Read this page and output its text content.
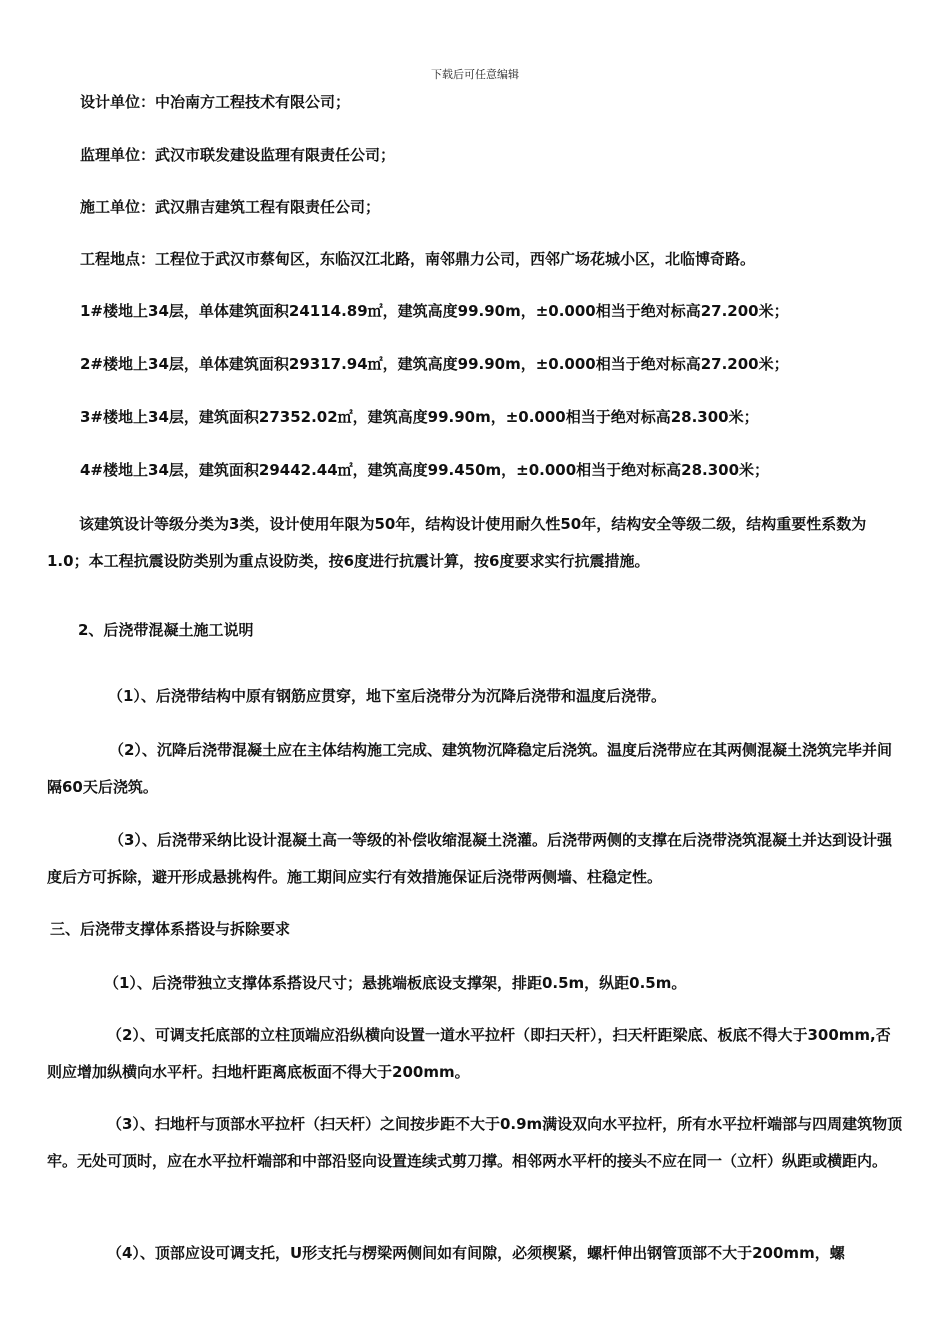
下载后可任意编辑
设计单位：中冶南方工程技术有限公司；
监理单位：武汉市联发建设监理有限责任公司；
施工单位：武汉鼎吉建筑工程有限责任公司；
工程地点：工程位于武汉市蔡甸区，东临汉江北路，南邻鼎力公司，西邻广场花城小区，北临博奇路。
1#楼地上34层，单体建筑面积24114.89㎡，建筑高度99.90m，±0.000相当于绝对标高27.200米；
2#楼地上34层，单体建筑面积29317.94㎡，建筑高度99.90m，±0.000相当于绝对标高27.200米；
3#楼地上34层，建筑面积27352.02㎡，建筑高度99.90m，±0.000相当于绝对标高28.300米；
4#楼地上34层，建筑面积29442.44㎡，建筑高度99.450m，±0.000相当于绝对标高28.300米；
该建筑设计等级分类为3类，设计使用年限为50年，结构设计使用耐久性50年，结构安全等级二级，结构重要性系数为1.0；本工程抗震设防类别为重点设防类，按6度进行抗震计算，按6度要求实行抗震措施。
2、后浇带混凝土施工说明
（1）、后浇带结构中原有钢筋应贯穿，地下室后浇带分为沉降后浇带和温度后浇带。
（2）、沉降后浇带混凝土应在主体结构施工完成、建筑物沉降稳定后浇筑。温度后浇带应在其两侧混凝土浇筑完毕并间隔60天后浇筑。
（3）、后浇带采纳比设计混凝土高一等级的补偿收缩混凝土浇灌。后浇带两侧的支撑在后浇带浇筑混凝土并达到设计强度后方可拆除，避开形成悬挑构件。施工期间应实行有效措施保证后浇带两侧墙、柱稳定性。
三、后浇带支撑体系搭设与拆除要求
（1）、后浇带独立支撑体系搭设尺寸；悬挑端板底设支撑架，排距0.5m，纵距0.5m。
（2）、可调支托底部的立柱顶端应沿纵横向设置一道水平拉杆（即扫天杆），扫天杆距梁底、板底不得大于300mm,否则应增加纵横向水平杆。扫地杆距离底板面不得大于200mm。
（3）、扫地杆与顶部水平拉杆（扫天杆）之间按步距不大于0.9m满设双向水平拉杆，所有水平拉杆端部与四周建筑物顶牢。无处可顶时，应在水平拉杆端部和中部沿竖向设置连续式剪刀撑。相邻两水平杆的接头不应在同一（立杆）纵距或横距内。
（4）、顶部应设可调支托，U形支托与楞梁两侧间如有间隙，必须楔紧，螺杆伸出钢管顶部不大于200mm，螺
